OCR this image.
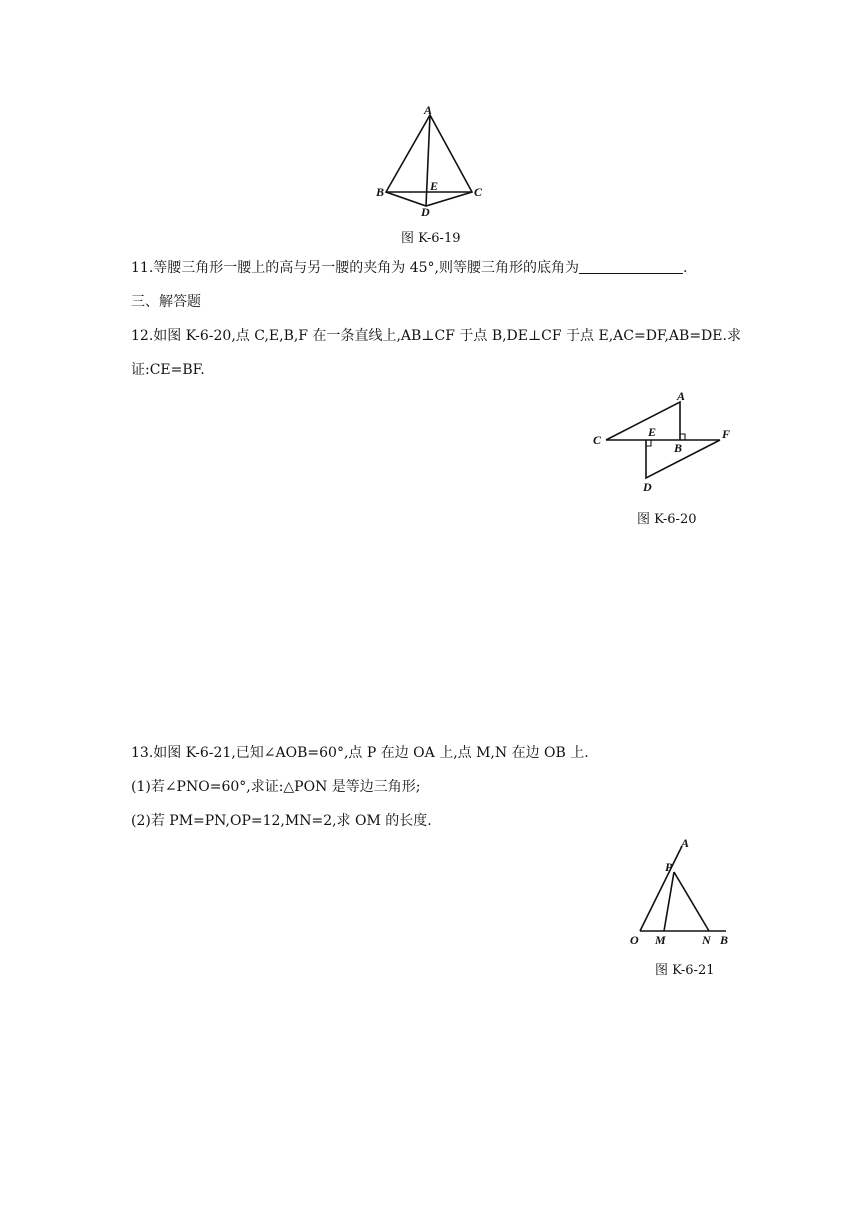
A
B	C
D
E
图 K-6-19
11.等腰三角形一腰上的高与另一腰的夹角为 45°,则等腰三角形的底角为	.
三、解答题
12.如图 K-6-20,点 C,E,B,F 在一条直线上,AB⊥CF 于点 B,DE⊥CF 于点 E,AC=DF,AB=DE.求
证:CE=BF.
A
B
C
D
E	F
图 K-6-20
13.如图 K-6-21,已知∠AOB=60°,点 P 在边 OA 上,点 M,N 在边 OB 上.
(1)若∠PNO=60°,求证:△PON 是等边三角形;
(2)若 PM=PN,OP=12,MN=2,求 OM 的长度.
A
P
O M	N B
图 K-6-21
